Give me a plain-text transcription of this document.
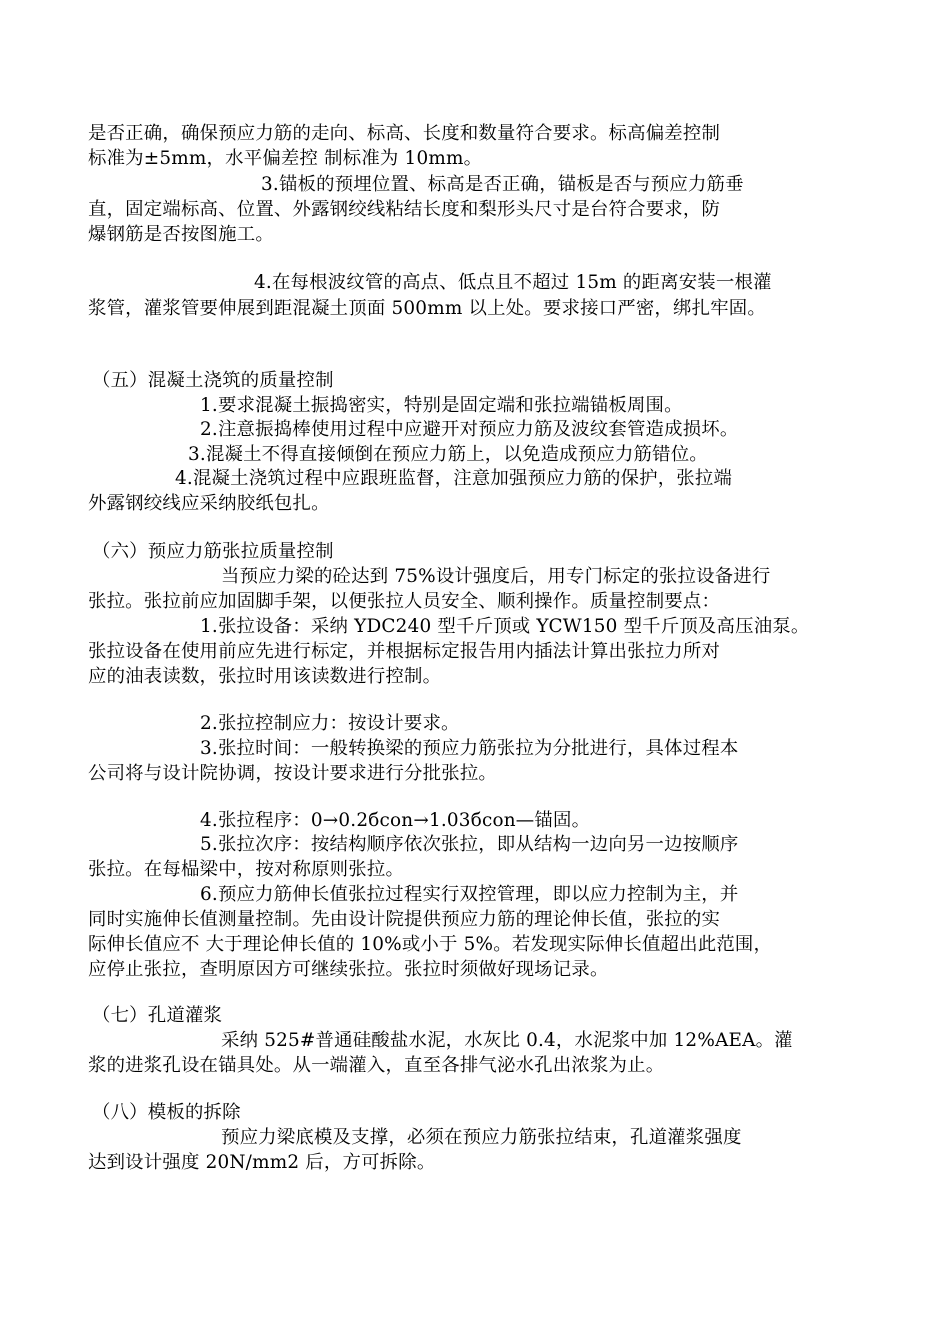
是否正确，确保预应力筋的走向、标高、长度和数量符合要求。标高偏差控制
标准为±5mm，水平偏差控 制标准为 10mm。
3.锚板的预埋位置、标高是否正确，锚板是否与预应力筋垂
直，固定端标高、位置、外露钢绞线粘结长度和梨形头尺寸是台符合要求，防
爆钢筋是否按图施工。
4.在每根波纹管的高点、低点且不超过 15m 的距离安装一根灌
浆管，灌浆管要伸展到距混凝土顶面 500mm 以上处。要求接口严密，绑扎牢固。
（五）混凝土浇筑的质量控制
1.要求混凝土振捣密实，特别是固定端和张拉端锚板周围。
2.注意振捣棒使用过程中应避开对预应力筋及波纹套管造成损坏。
3.混凝土不得直接倾倒在预应力筋上，以免造成预应力筋错位。
4.混凝土浇筑过程中应跟班监督，注意加强预应力筋的保护，张拉端
外露钢绞线应采纳胶纸包扎。
（六）预应力筋张拉质量控制
当预应力梁的砼达到 75%设计强度后，用专门标定的张拉设备进行
张拉。张拉前应加固脚手架，以便张拉人员安全、顺利操作。质量控制要点：
1.张拉设备：采纳 YDC240 型千斤顶或 YCW150 型千斤顶及高压油泵。
张拉设备在使用前应先进行标定，并根据标定报告用内插法计算出张拉力所对
应的油表读数，张拉时用该读数进行控制。
2.张拉控制应力：按设计要求。
3.张拉时间：一般转换梁的预应力筋张拉为分批进行，具体过程本
公司将与设计院协调，按设计要求进行分批张拉。
4.张拉程序：0→0.2бcon→1.03бcon—锚固。
5.张拉次序：按结构顺序依次张拉，即从结构一边向另一边按顺序
张拉。在每榀梁中，按对称原则张拉。
6.预应力筋伸长值张拉过程实行双控管理，即以应力控制为主，并
同时实施伸长值测量控制。先由设计院提供预应力筋的理论伸长值，张拉的实
际伸长值应不 大于理论伸长值的 10%或小于 5%。若发现实际伸长值超出此范围，
应停止张拉，查明原因方可继续张拉。张拉时须做好现场记录。
（七）孔道灌浆
采纳 525#普通硅酸盐水泥，水灰比 0.4，水泥浆中加 12%AEA。灌
浆的进浆孔设在锚具处。从一端灌入，直至各排气泌水孔出浓浆为止。
（八）模板的拆除
预应力梁底模及支撑，必须在预应力筋张拉结束，孔道灌浆强度
达到设计强度 20N/mm2 后，方可拆除。
